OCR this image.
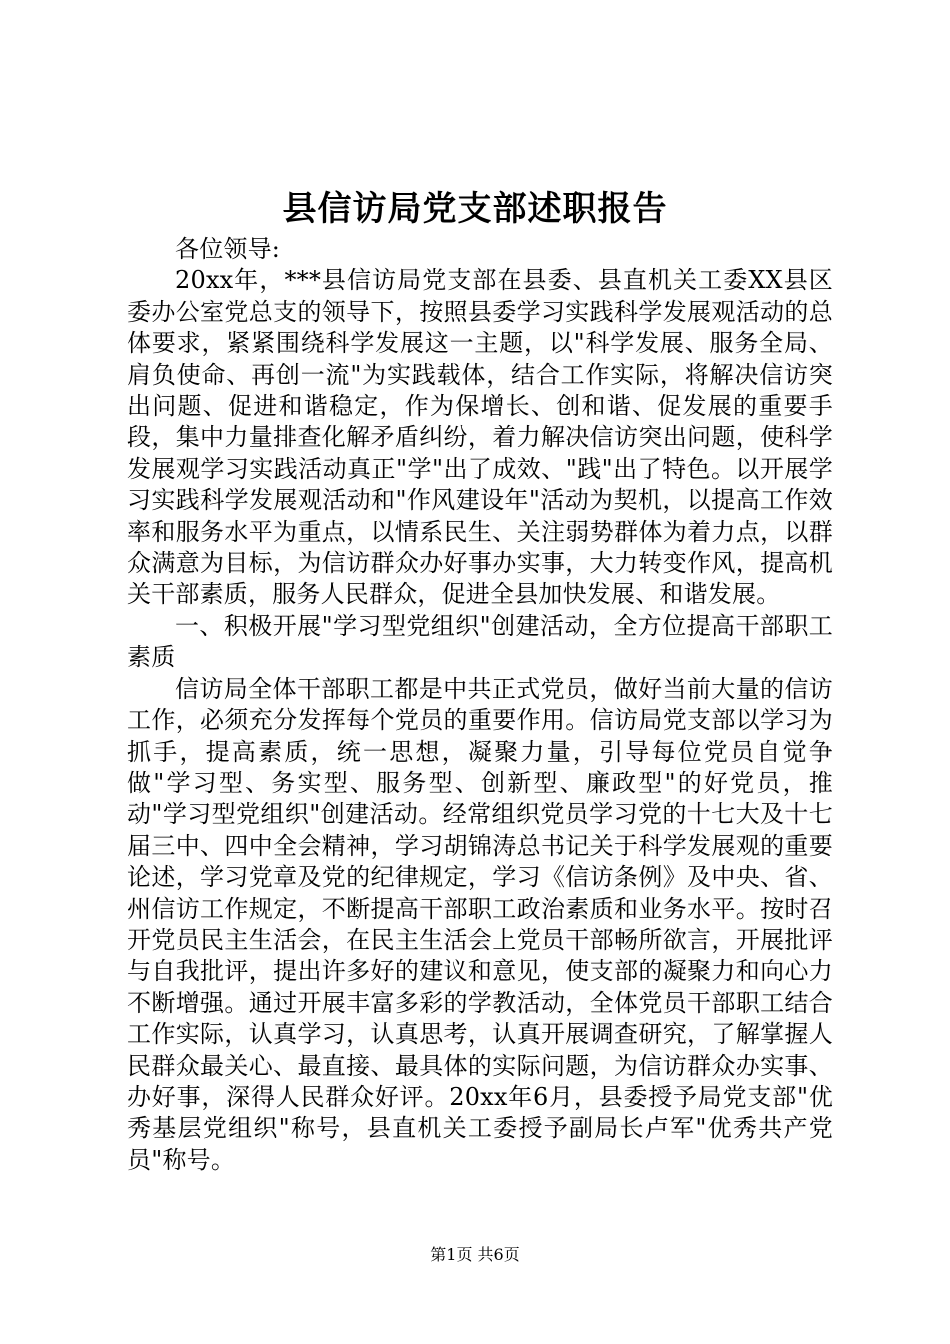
县信访局党支部述职报告

各位领导:

20xx年，***县信访局党支部在县委、县直机关工委XX县区委办公室党总支的领导下，按照县委学习实践科学发展观活动的总体要求，紧紧围绕科学发展这一主题，以"科学发展、服务全局、肩负使命、再创一流"为实践载体，结合工作实际，将解决信访突出问题、促进和谐稳定，作为保增长、创和谐、促发展的重要手段，集中力量排查化解矛盾纠纷，着力解决信访突出问题，使科学发展观学习实践活动真正"学"出了成效、"践"出了特色。以开展学习实践科学发展观活动和"作风建设年"活动为契机，以提高工作效率和服务水平为重点，以情系民生、关注弱势群体为着力点，以群众满意为目标，为信访群众办好事办实事，大力转变作风，提高机关干部素质，服务人民群众，促进全县加快发展、和谐发展。

一、积极开展"学习型党组织"创建活动，全方位提高干部职工素质

信访局全体干部职工都是中共正式党员，做好当前大量的信访工作，必须充分发挥每个党员的重要作用。信访局党支部以学习为抓手，提高素质，统一思想，凝聚力量，引导每位党员自觉争做"学习型、务实型、服务型、创新型、廉政型"的好党员，推动"学习型党组织"创建活动。经常组织党员学习党的十七大及十七届三中、四中全会精神，学习胡锦涛总书记关于科学发展观的重要论述，学习党章及党的纪律规定，学习《信访条例》及中央、省、州信访工作规定，不断提高干部职工政治素质和业务水平。按时召开党员民主生活会，在民主生活会上党员干部畅所欲言，开展批评与自我批评，提出许多好的建议和意见，使支部的凝聚力和向心力不断增强。通过开展丰富多彩的学教活动，全体党员干部职工结合工作实际，认真学习，认真思考，认真开展调查研究，了解掌握人民群众最关心、最直接、最具体的实际问题，为信访群众办实事、办好事，深得人民群众好评。20xx年6月，县委授予局党支部"优秀基层党组织"称号，县直机关工委授予副局长卢军"优秀共产党员"称号。

第1页 共6页
